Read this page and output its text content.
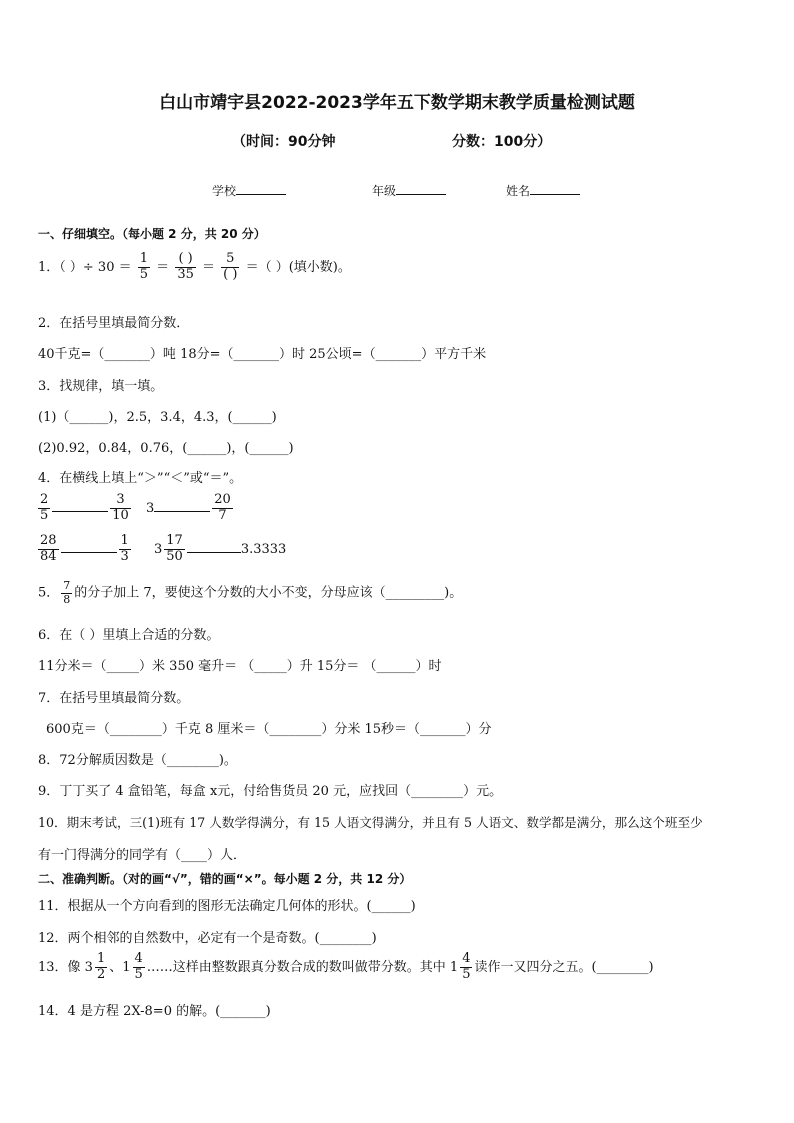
白山市靖宇县2022-2023学年五下数学期末教学质量检测试题
（时间：90分钟	分数：100分）
学校	年级	姓名
一、仔细填空。（每小题 2 分，共 20 分）
1．（ ）÷ $30 = \frac{1}{5} = \frac{( )}{35} = \frac{5}{( )}$ ＝（ ）(填小数)。
2．在括号里填最简分数．
40千克=（_______）吨 18分=（_______）时 25公顷=（_______）平方千米
3．找规律，填一填。
(1)（______)，2.5，3.4，4.3，(______)
(2)0.92，0.84，0.76，(______)，(______)
4．在横线上填上“＞”“＜”或“＝”。
$\frac{2}{5}$	$\frac{3}{10} 3$	$\frac{20}{7}$
$\frac{28}{84}$	$\frac{1}{3} 3 \frac{17}{50}$	3.3333
5． $\frac{7}{8}$ 的分子加上 7，要使这个分数的大小不变，分母应该（_________)。
6．在（ ）里填上合适的分数。
11分米＝（_____）米 350 毫升＝ （_____）升 15分＝ （______）时
7．在括号里填最简分数。
600克＝（________）千克 8 厘米＝（________）分米 15秒＝（_______）分
8．72分解质因数是（________)。
9．丁丁买了 4 盒铅笔，每盒 x元，付给售货员 20 元，应找回（________）元。
10．期末考试，三(1)班有 17 人数学得满分，有 15 人语文得满分，并且有 5 人语文、数学都是满分，那么这个班至少
有一门得满分的同学有（____）人．
二、准确判断。（对的画“√”，错的画“×”。每小题 2 分，共 12 分）
11．根据从一个方向看到的图形无法确定几何体的形状。(______)
12．两个相邻的自然数中，必定有一个是奇数。(________)
13．像 $3 \frac{1}{2}$ 、$1 \frac{4}{5}$ ……这样由整数跟真分数合成的数叫做带分数。其中 $1 \frac{4}{5}$ 读作一又四分之五。(________)
14．4 是方程 2X-8=0 的解。(_______)
